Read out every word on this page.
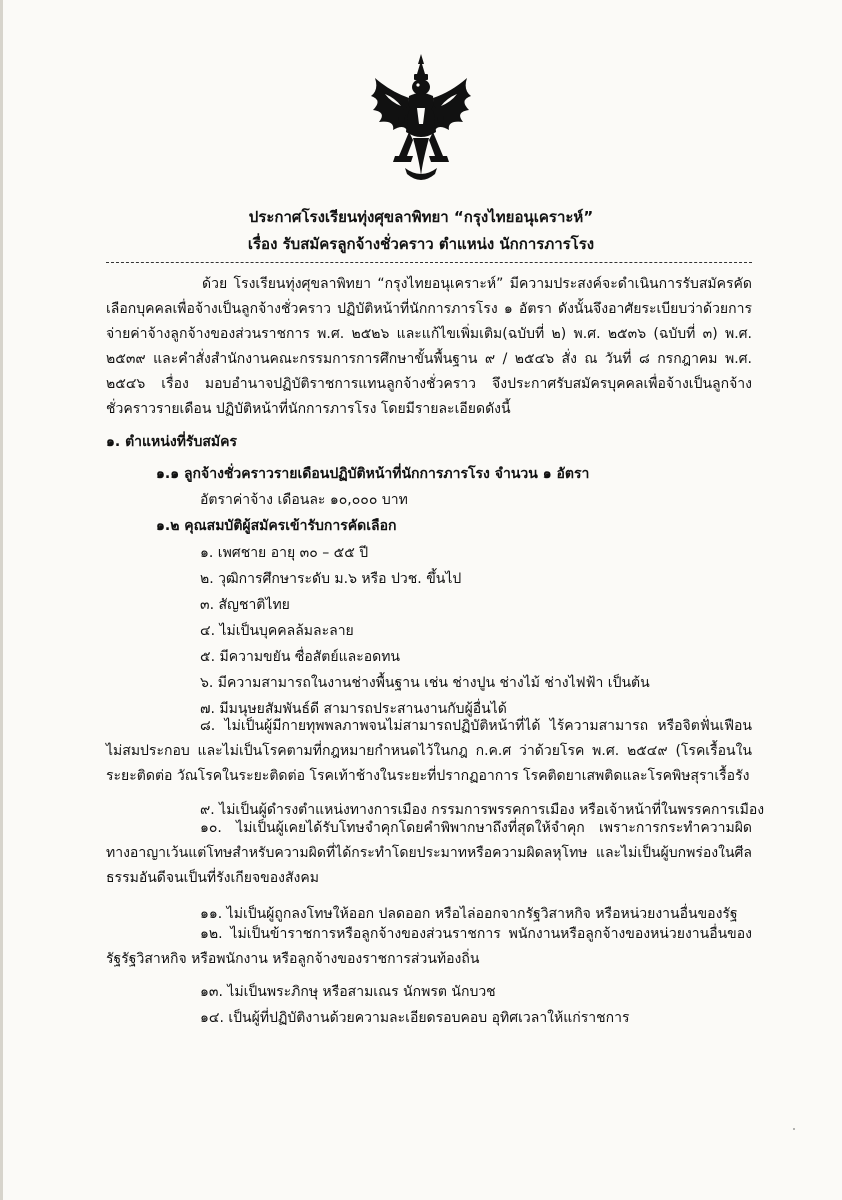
ประกาศโรงเรียนทุ่งศุขลาพิทยา “กรุงไทยอนุเคราะห์”
เรื่อง รับสมัครลูกจ้างชั่วคราว ตำแหน่ง นักการภารโรง

ด้วย โรงเรียนทุ่งศุขลาพิทยา “กรุงไทยอนุเคราะห์” มีความประสงค์จะดำเนินการรับสมัครคัดเลือกบุคคลเพื่อจ้างเป็นลูกจ้างชั่วคราว ปฏิบัติหน้าที่นักการภารโรง ๑ อัตรา ดังนั้นจึงอาศัยระเบียบว่าด้วยการจ่ายค่าจ้างลูกจ้างของส่วนราชการ พ.ศ. ๒๕๒๖ และแก้ไขเพิ่มเติม(ฉบับที่ ๒) พ.ศ. ๒๕๓๖ (ฉบับที่ ๓) พ.ศ. ๒๕๓๙ และคำสั่งสำนักงานคณะกรรมการการศึกษาขั้นพื้นฐาน ๙ / ๒๕๔๖ สั่ง ณ วันที่ ๘ กรกฎาคม พ.ศ. ๒๕๔๖ เรื่อง มอบอำนาจปฏิบัติราชการแทนลูกจ้างชั่วคราว จึงประกาศรับสมัครบุคคลเพื่อจ้างเป็นลูกจ้างชั่วคราวรายเดือน ปฏิบัติหน้าที่นักการภารโรง โดยมีรายละเอียดดังนี้

๑. ตำแหน่งที่รับสมัคร
๑.๑ ลูกจ้างชั่วคราวรายเดือนปฏิบัติหน้าที่นักการภารโรง จำนวน ๑ อัตรา
อัตราค่าจ้าง เดือนละ ๑๐,๐๐๐ บาท
๑.๒ คุณสมบัติผู้สมัครเข้ารับการคัดเลือก
๑. เพศชาย อายุ ๓๐ – ๕๕ ปี
๒. วุฒิการศึกษาระดับ ม.๖ หรือ ปวช. ขึ้นไป
๓. สัญชาติไทย
๔. ไม่เป็นบุคคลล้มละลาย
๕. มีความขยัน ซื่อสัตย์และอดทน
๖. มีความสามารถในงานช่างพื้นฐาน เช่น ช่างปูน ช่างไม้ ช่างไฟฟ้า เป็นต้น
๗. มีมนุษยสัมพันธ์ดี สามารถประสานงานกับผู้อื่นได้

๘. ไม่เป็นผู้มีกายทุพพลภาพจนไม่สามารถปฏิบัติหน้าที่ได้ ไร้ความสามารถ หรือจิตฟั่นเฟือนไม่สมประกอบ และไม่เป็นโรคตามที่กฎหมายกำหนดไว้ในกฎ ก.ค.ศ ว่าด้วยโรค พ.ศ. ๒๕๔๙ (โรคเรื้อนในระยะติดต่อ วัณโรคในระยะติดต่อ โรคเท้าช้างในระยะที่ปรากฏอาการ โรคติดยาเสพติดและโรคพิษสุราเรื้อรัง

๙. ไม่เป็นผู้ดำรงตำแหน่งทางการเมือง กรรมการพรรคการเมือง หรือเจ้าหน้าที่ในพรรคการเมือง

๑๐. ไม่เป็นผู้เคยได้รับโทษจำคุกโดยคำพิพากษาถึงที่สุดให้จำคุก เพราะการกระทำความผิดทางอาญาเว้นแต่โทษสำหรับความผิดที่ได้กระทำโดยประมาทหรือความผิดลหุโทษ และไม่เป็นผู้บกพร่องในศีลธรรมอันดีจนเป็นที่รังเกียจของสังคม

๑๑. ไม่เป็นผู้ถูกลงโทษให้ออก ปลดออก หรือไล่ออกจากรัฐวิสาหกิจ หรือหน่วยงานอื่นของรัฐ

๑๒. ไม่เป็นข้าราชการหรือลูกจ้างของส่วนราชการ พนักงานหรือลูกจ้างของหน่วยงานอื่นของรัฐรัฐวิสาหกิจ หรือพนักงาน หรือลูกจ้างของราชการส่วนท้องถิ่น

๑๓. ไม่เป็นพระภิกษุ หรือสามเณร นักพรต นักบวช
๑๔. เป็นผู้ที่ปฏิบัติงานด้วยความละเอียดรอบคอบ อุทิศเวลาให้แก่ราชการ
